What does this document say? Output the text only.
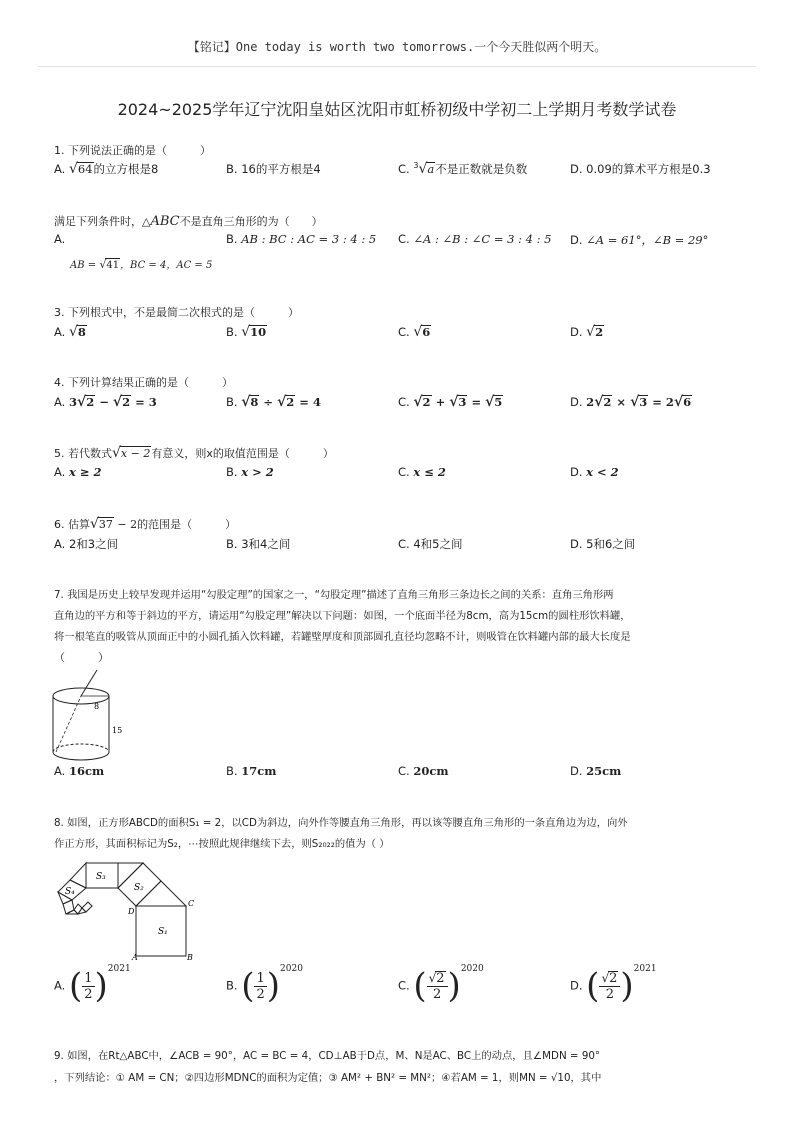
【铭记】One today is worth two tomorrows.一个今天胜似两个明天。
2024~2025学年辽宁沈阳皇姑区沈阳市虹桥初级中学初二上学期月考数学试卷
1. 下列说法正确的是（　　　）
A. √64的立方根是8	B. 16的平方根是4	C. $^3$√a不是正数就是负数	D. 0.09的算术平方根是0.3
满足下列条件时，△ABC不是直角三角形的为（　　）
A.	B. AB : BC : AC = 3 : 4 : 5 C. ∠A : ∠B : ∠C = 3 : 4 : 5 D. ∠A = 61°，∠B = 29°
AB = √41，BC = 4，AC = 5
3. 下列根式中，不是最简二次根式的是（　　　）
A. √8	B. √10	C. √6	D. √2
4. 下列计算结果正确的是（　　　）
A. 3√2 − √2 = 3	B. √8 ÷ √2 = 4	C. √2 + √3 = √5	D. 2√2 × √3 = 2√6
5. 若代数式√x − 2有意义，则x的取值范围是（　　　）
A. x ≥ 2	B. x > 2	C. x ≤ 2	D. x < 2
6. 估算√37 − 2的范围是（　　　）
A. 2和3之间	B. 3和4之间	C. 4和5之间	D. 5和6之间
7. 我国是历史上较早发现并运用“勾股定理”的国家之一，“勾股定理”描述了直角三角形三条边长之间的关系：直角三角形两
直角边的平方和等于斜边的平方，请运用“勾股定理”解决以下问题：如图，一个底面半径为8cm，高为15cm的圆柱形饮料罐，
将一根笔直的吸管从顶面正中的小圆孔插入饮料罐，若罐壁厚度和顶部圆孔直径均忽略不计，则吸管在饮料罐内部的最大长度是
（　　　）
8
15
A. 16cm	B. 17cm	C. 20cm	D. 25cm
8. 如图，正方形ABCD的面积S₁ = 2，以CD为斜边，向外作等腰直角三角形，再以该等腰直角三角形的一条直角边为边，向外
作正方形，其面积标记为S₂，⋯按照此规律继续下去，则S₂₀₂₂的值为（ ）
S₁
S₂
S₃
S₄
A	B
C
D
A. ( $\frac{1}{2} )^{2021}$
B. ( $\frac{1}{2} )^{2020}$
C. ( $\frac{√2}{2} )^{2020}$
D. ( $\frac{√2}{2} )^{2021}$
9. 如图，在Rt△ABC中，∠ACB = 90°，AC = BC = 4，CD⊥AB于D点，M、N是AC、BC上的动点，且∠MDN = 90°
，下列结论：① AM = CN；②四边形MDNC的面积为定值；③ AM² + BN² = MN²；④若AM = 1，则MN = √10，其中
